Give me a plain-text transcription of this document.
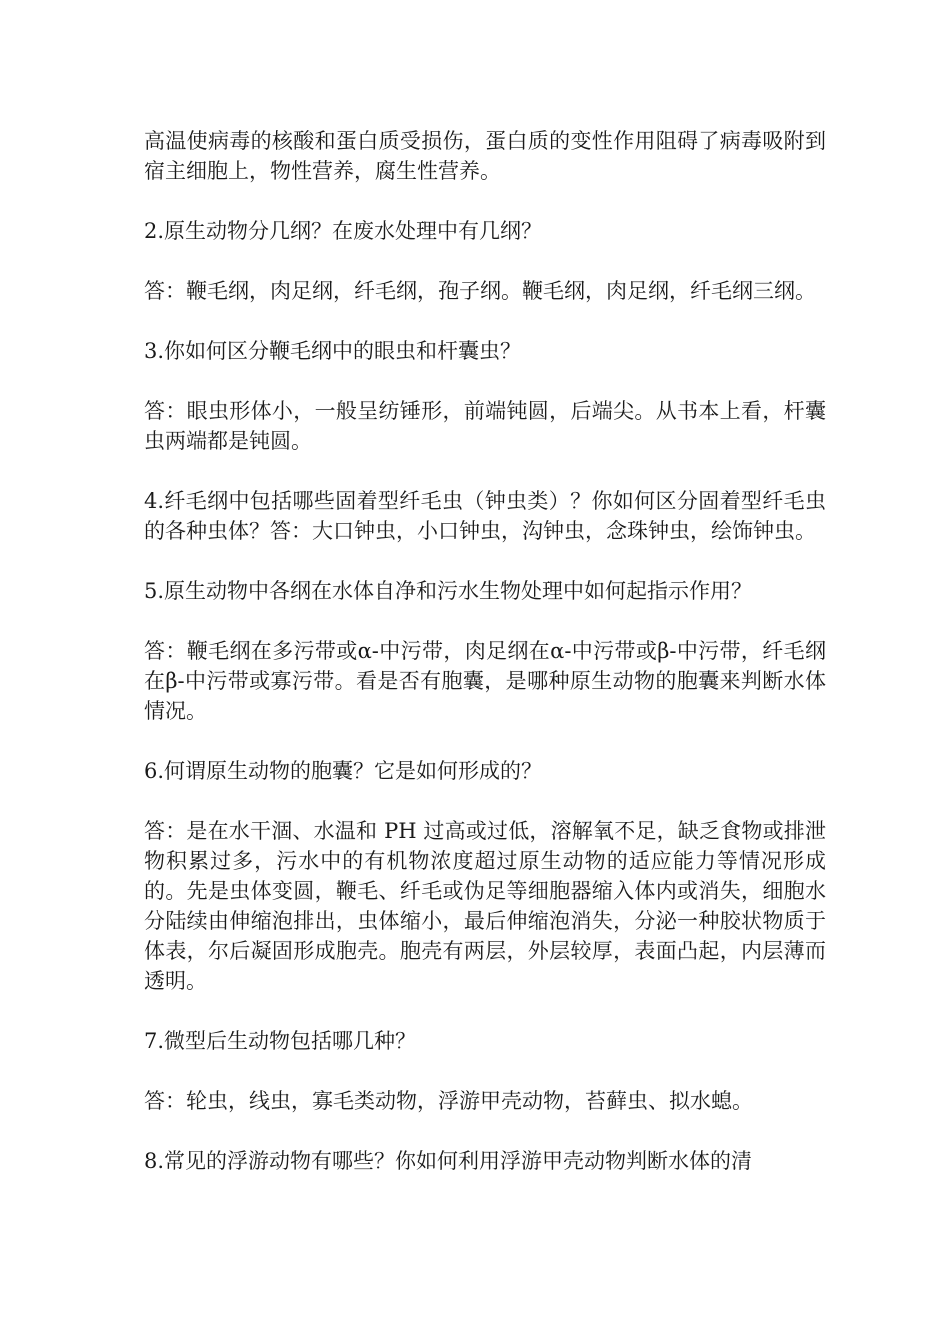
高温使病毒的核酸和蛋白质受损伤，蛋白质的变性作用阻碍了病毒吸附到宿主细胞上，物性营养，腐生性营养。

2.原生动物分几纲？在废水处理中有几纲？

答：鞭毛纲，肉足纲，纤毛纲，孢子纲。鞭毛纲，肉足纲，纤毛纲三纲。

3.你如何区分鞭毛纲中的眼虫和杆囊虫？

答：眼虫形体小，一般呈纺锤形，前端钝圆，后端尖。从书本上看，杆囊虫两端都是钝圆。

4.纤毛纲中包括哪些固着型纤毛虫（钟虫类）？你如何区分固着型纤毛虫的各种虫体？答：大口钟虫，小口钟虫，沟钟虫，念珠钟虫，绘饰钟虫。

5.原生动物中各纲在水体自净和污水生物处理中如何起指示作用？

答：鞭毛纲在多污带或α-中污带，肉足纲在α-中污带或β-中污带，纤毛纲在β-中污带或寡污带。看是否有胞囊，是哪种原生动物的胞囊来判断水体情况。

6.何谓原生动物的胞囊？它是如何形成的？

答：是在水干涸、水温和 PH 过高或过低，溶解氧不足，缺乏食物或排泄物积累过多，污水中的有机物浓度超过原生动物的适应能力等情况形成的。先是虫体变圆，鞭毛、纤毛或伪足等细胞器缩入体内或消失，细胞水分陆续由伸缩泡排出，虫体缩小，最后伸缩泡消失，分泌一种胶状物质于体表，尔后凝固形成胞壳。胞壳有两层，外层较厚，表面凸起，内层薄而透明。

7.微型后生动物包括哪几种？

答：轮虫，线虫，寡毛类动物，浮游甲壳动物，苔藓虫、拟水螅。

8.常见的浮游动物有哪些？你如何利用浮游甲壳动物判断水体的清
